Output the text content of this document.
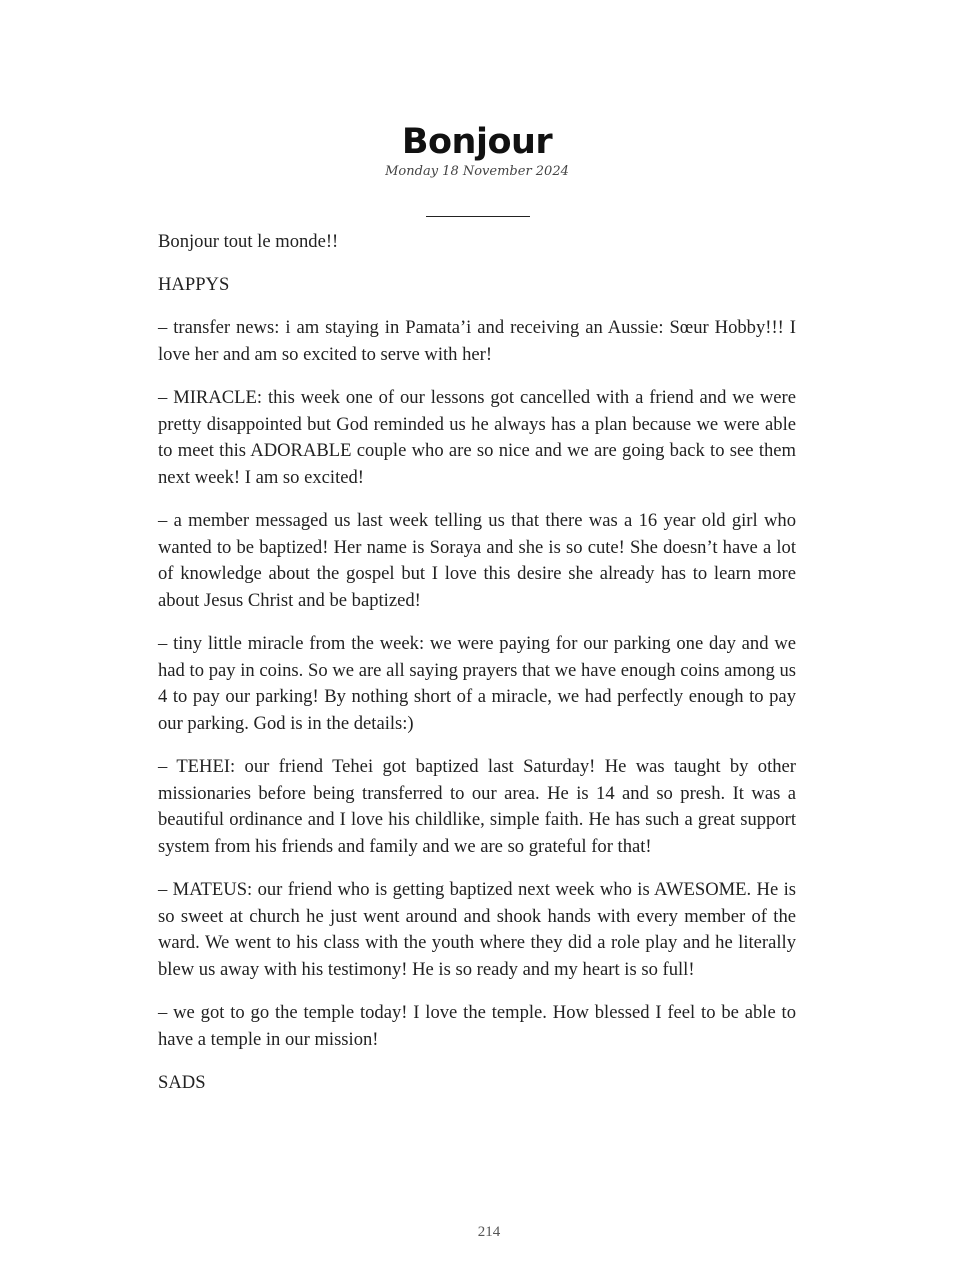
Bonjour
Monday 18 November 2024

Bonjour tout le monde!!

HAPPYS

– transfer news: i am staying in Pamata’i and receiving an Aussie: Sœur Hobby!!! I love her and am so excited to serve with her!

– MIRACLE: this week one of our lessons got cancelled with a friend and we were pretty disappointed but God reminded us he always has a plan because we were able to meet this ADORABLE couple who are so nice and we are going back to see them next week! I am so excited!

– a member messaged us last week telling us that there was a 16 year old girl who wanted to be baptized! Her name is Soraya and she is so cute! She doesn’t have a lot of knowledge about the gospel but I love this desire she already has to learn more about Jesus Christ and be baptized!

– tiny little miracle from the week: we were paying for our parking one day and we had to pay in coins. So we are all saying prayers that we have enough coins among us 4 to pay our parking! By nothing short of a miracle, we had perfectly enough to pay our parking. God is in the details:)

– TEHEI: our friend Tehei got baptized last Saturday! He was taught by other missionaries before being transferred to our area. He is 14 and so presh. It was a beautiful ordinance and I love his childlike, simple faith. He has such a great support system from his friends and family and we are so grateful for that!

– MATEUS: our friend who is getting baptized next week who is AWESOME. He is so sweet at church he just went around and shook hands with every member of the ward. We went to his class with the youth where they did a role play and he literally blew us away with his testimony! He is so ready and my heart is so full!

– we got to go the temple today! I love the temple. How blessed I feel to be able to have a temple in our mission!

SADS

214
